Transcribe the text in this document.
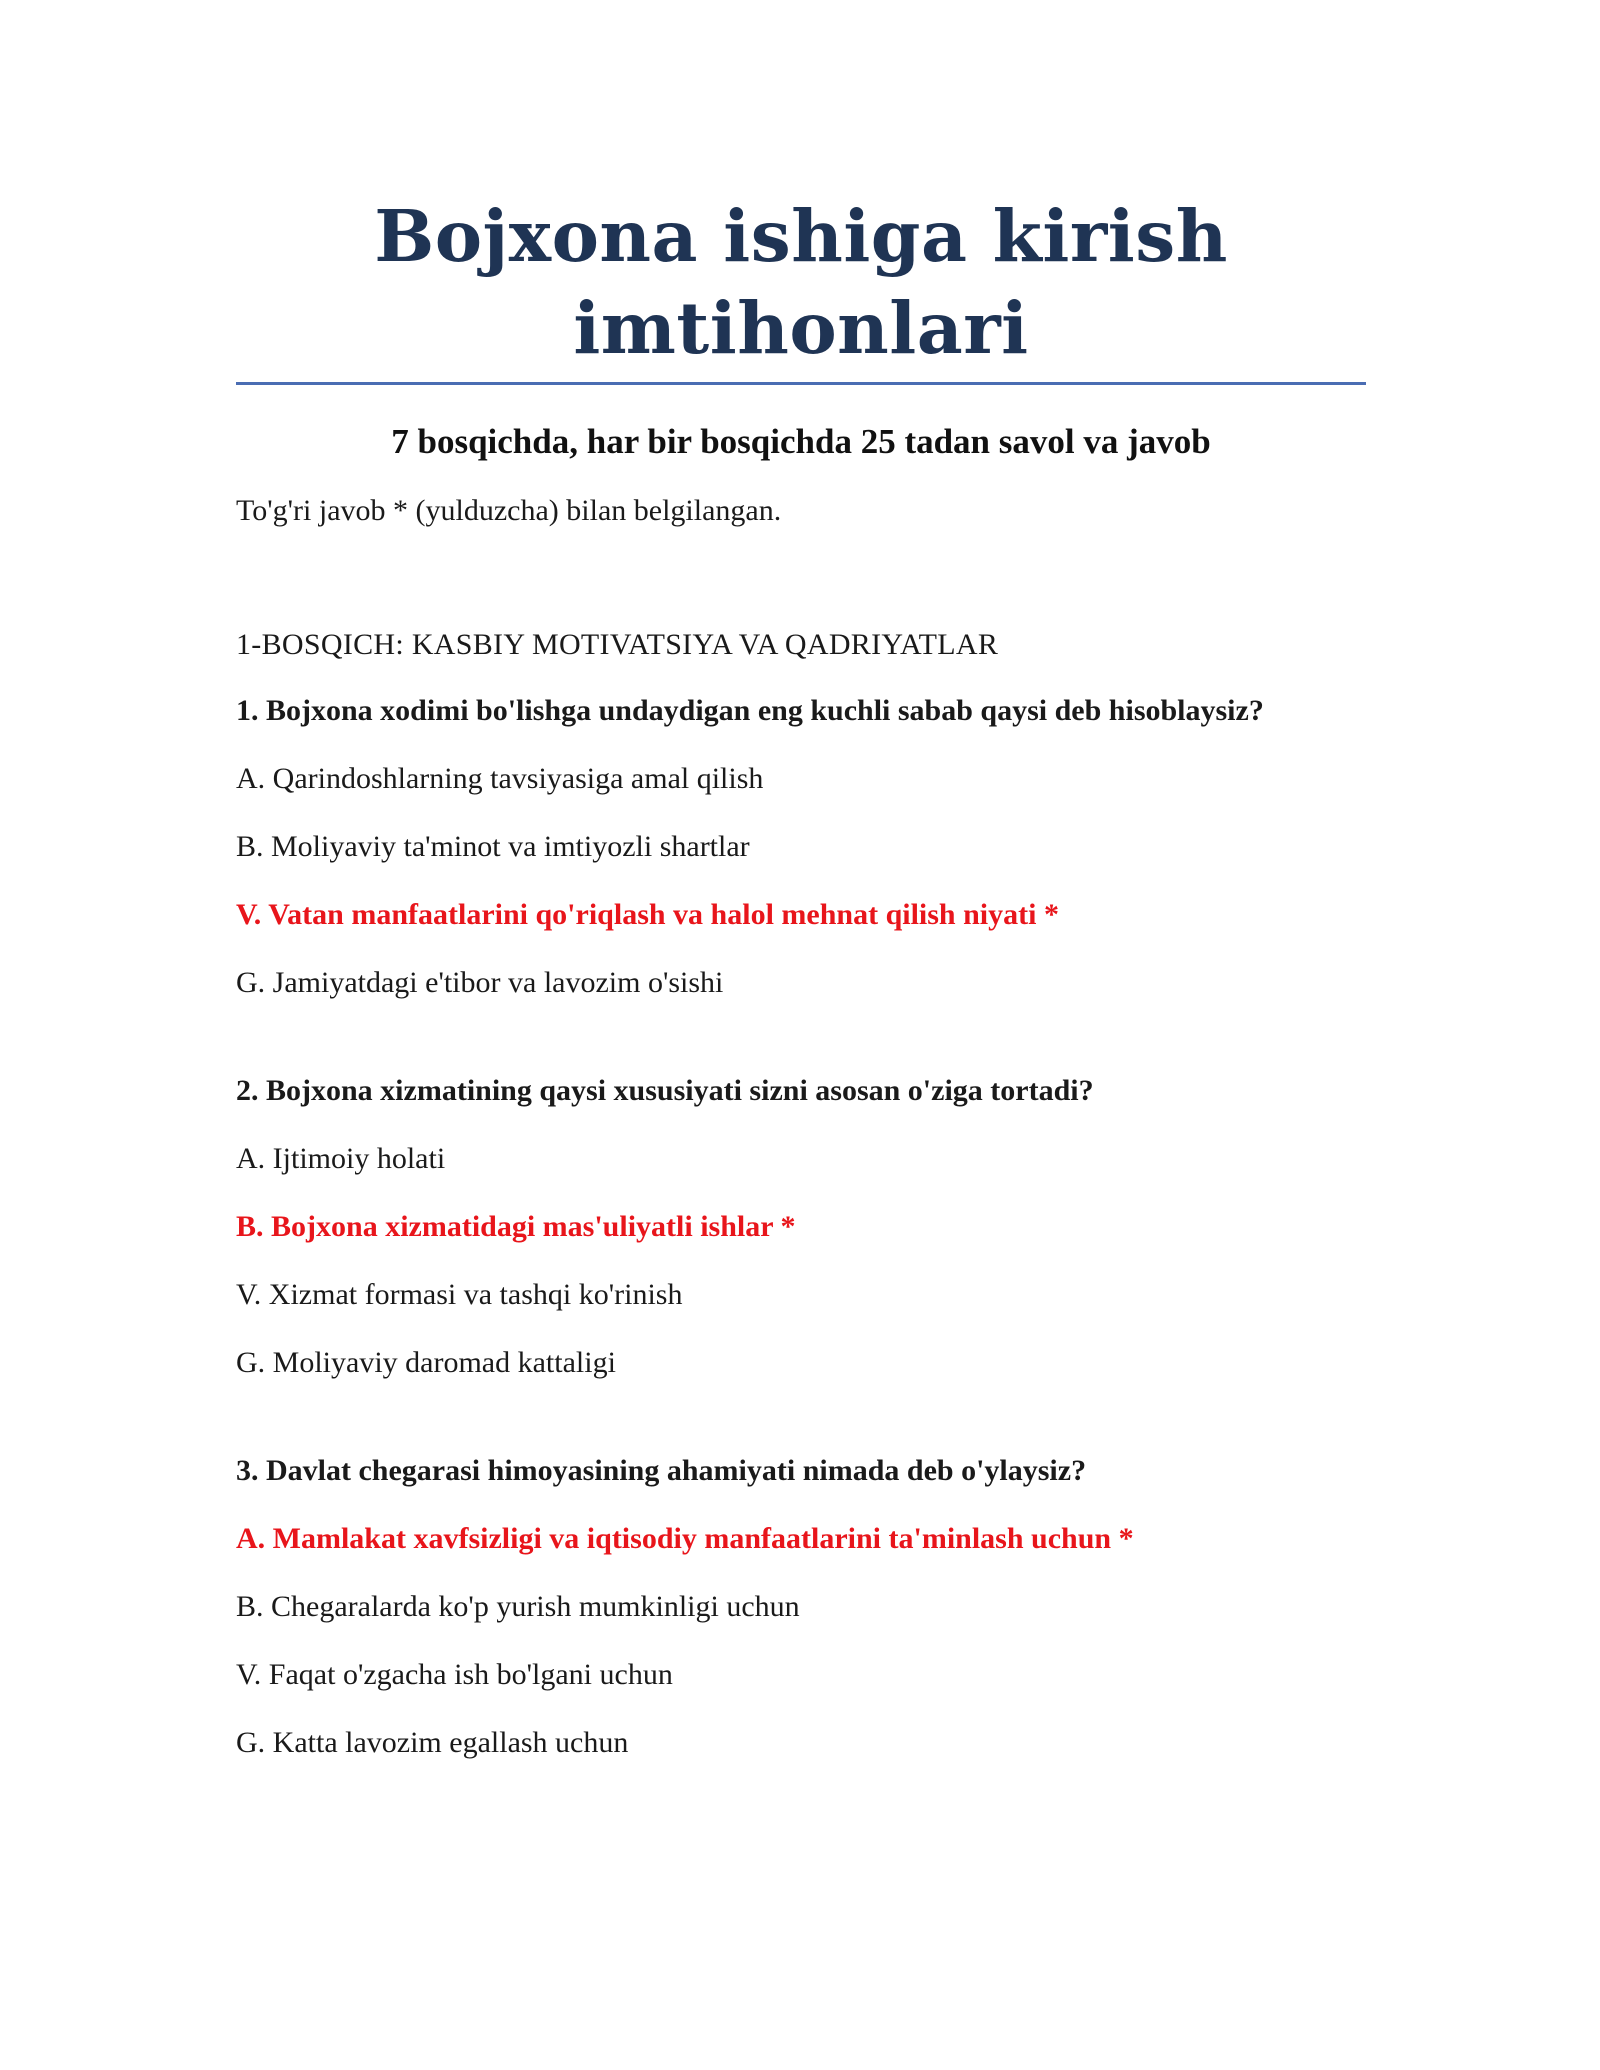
Bojxona ishiga kirish
imtihonlari

7 bosqichda, har bir bosqichda 25 tadan savol va javob

To'g'ri javob * (yulduzcha) bilan belgilangan.

1-BOSQICH: KASBIY MOTIVATSIYA VA QADRIYATLAR

1. Bojxona xodimi bo'lishga undaydigan eng kuchli sabab qaysi deb hisoblaysiz?

A. Qarindoshlarning tavsiyasiga amal qilish

B. Moliyaviy ta'minot va imtiyozli shartlar

V. Vatan manfaatlarini qo'riqlash va halol mehnat qilish niyati *

G. Jamiyatdagi e'tibor va lavozim o'sishi

2. Bojxona xizmatining qaysi xususiyati sizni asosan o'ziga tortadi?

A. Ijtimoiy holati

B. Bojxona xizmatidagi mas'uliyatli ishlar *

V. Xizmat formasi va tashqi ko'rinish

G. Moliyaviy daromad kattaligi

3. Davlat chegarasi himoyasining ahamiyati nimada deb o'ylaysiz?

A. Mamlakat xavfsizligi va iqtisodiy manfaatlarini ta'minlash uchun *

B. Chegaralarda ko'p yurish mumkinligi uchun

V. Faqat o'zgacha ish bo'lgani uchun

G. Katta lavozim egallash uchun
